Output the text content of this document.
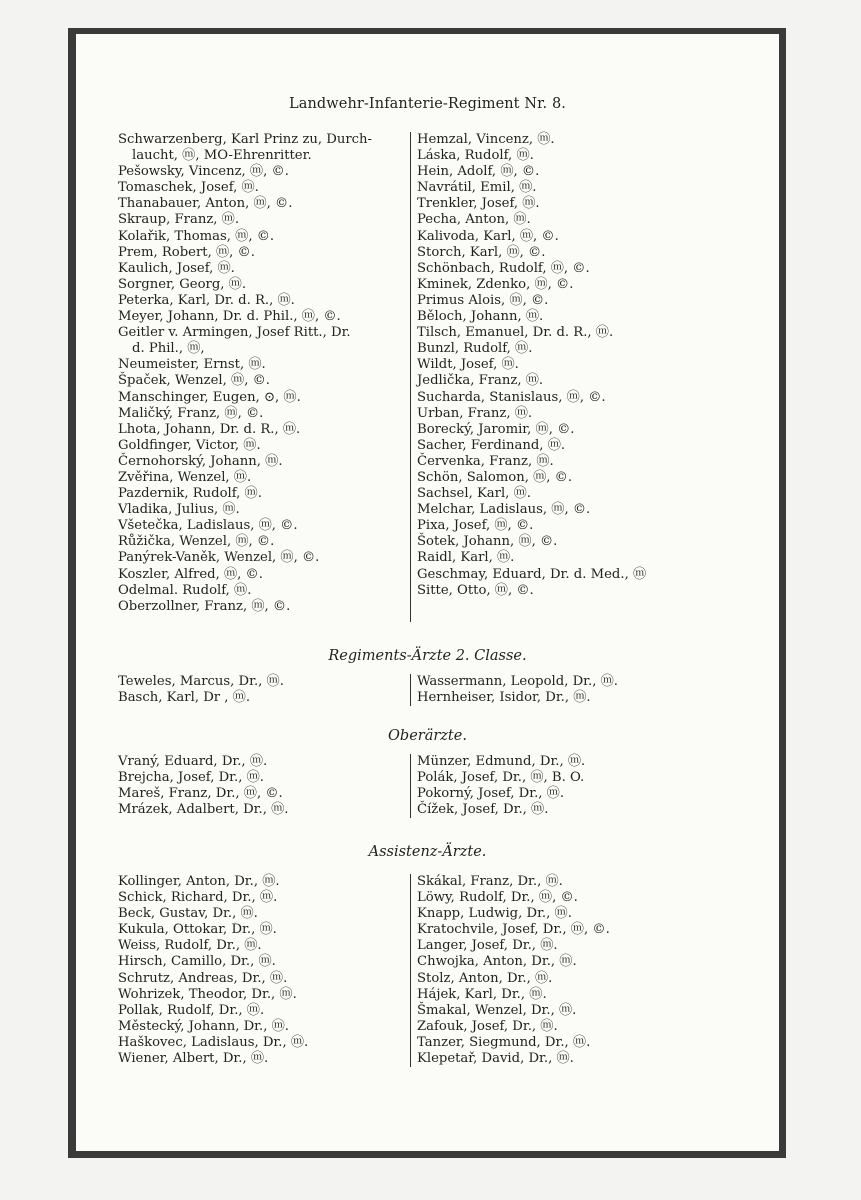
Landwehr-Infanterie-Regiment Nr. 8.
Schwarzenberg, Karl Prinz zu, Durch-
laucht, ⓜ, MO-Ehrenritter.
Pešowsky, Vincenz, ⓜ, ©.
Tomaschek, Josef, ⓜ.
Thanabauer, Anton, ⓜ, ©.
Skraup, Franz, ⓜ.
Kolařik, Thomas, ⓜ, ©.
Prem, Robert, ⓜ, ©.
Kaulich, Josef, ⓜ.
Sorgner, Georg, ⓜ.
Peterka, Karl, Dr. d. R., ⓜ.
Meyer, Johann, Dr. d. Phil., ⓜ, ©.
Geitler v. Armingen, Josef Ritt., Dr.
d. Phil., ⓜ,
Neumeister, Ernst, ⓜ.
Špaček, Wenzel, ⓜ, ©.
Manschinger, Eugen, ⊙, ⓜ.
Maličký, Franz, ⓜ, ©.
Lhota, Johann, Dr. d. R., ⓜ.
Goldfinger, Victor, ⓜ.
Černohorský, Johann, ⓜ.
Zvěřina, Wenzel, ⓜ.
Pazdernik, Rudolf, ⓜ.
Vladika, Julius, ⓜ.
Všetečka, Ladislaus, ⓜ, ©.
Růžička, Wenzel, ⓜ, ©.
Panýrek-Vaněk, Wenzel, ⓜ, ©.
Koszler, Alfred, ⓜ, ©.
Odelmal. Rudolf, ⓜ.
Oberzollner, Franz, ⓜ, ©.
Hemzal, Vincenz, ⓜ.
Láska, Rudolf, ⓜ.
Hein, Adolf, ⓜ, ©.
Navrátil, Emil, ⓜ.
Trenkler, Josef, ⓜ.
Pecha, Anton, ⓜ.
Kalivoda, Karl, ⓜ, ©.
Storch, Karl, ⓜ, ©.
Schönbach, Rudolf, ⓜ, ©.
Kminek, Zdenko, ⓜ, ©.
Primus Alois, ⓜ, ©.
Běloch, Johann, ⓜ.
Tilsch, Emanuel, Dr. d. R., ⓜ.
Bunzl, Rudolf, ⓜ.
Wildt, Josef, ⓜ.
Jedlička, Franz, ⓜ.
Sucharda, Stanislaus, ⓜ, ©.
Urban, Franz, ⓜ.
Borecký, Jaromir, ⓜ, ©.
Sacher, Ferdinand, ⓜ.
Červenka, Franz, ⓜ.
Schön, Salomon, ⓜ, ©.
Sachsel, Karl, ⓜ.
Melchar, Ladislaus, ⓜ, ©.
Pixa, Josef, ⓜ, ©.
Šotek, Johann, ⓜ, ©.
Raidl, Karl, ⓜ.
Geschmay, Eduard, Dr. d. Med., ⓜ
Sitte, Otto, ⓜ, ©.
Regiments-Ärzte 2. Classe.
Teweles, Marcus, Dr., ⓜ.
Basch, Karl, Dr , ⓜ.
Wassermann, Leopold, Dr., ⓜ.
Hernheiser, Isidor, Dr., ⓜ.
Oberärzte.
Vraný, Eduard, Dr., ⓜ.
Brejcha, Josef, Dr., ⓜ.
Mareš, Franz, Dr., ⓜ, ©.
Mrázek, Adalbert, Dr., ⓜ.
Münzer, Edmund, Dr., ⓜ.
Polák, Josef, Dr., ⓜ, B. O.
Pokorný, Josef, Dr., ⓜ.
Čížek, Josef, Dr., ⓜ.
Assistenz-Ärzte.
Kollinger, Anton, Dr., ⓜ.
Schick, Richard, Dr., ⓜ.
Beck, Gustav, Dr., ⓜ.
Kukula, Ottokar, Dr., ⓜ.
Weiss, Rudolf, Dr., ⓜ.
Hirsch, Camillo, Dr., ⓜ.
Schrutz, Andreas, Dr., ⓜ.
Wohrizek, Theodor, Dr., ⓜ.
Pollak, Rudolf, Dr., ⓜ.
Městecký, Johann, Dr., ⓜ.
Haškovec, Ladislaus, Dr., ⓜ.
Wiener, Albert, Dr., ⓜ.
Skákal, Franz, Dr., ⓜ.
Löwy, Rudolf, Dr., ⓜ, ©.
Knapp, Ludwig, Dr., ⓜ.
Kratochvile, Josef, Dr., ⓜ, ©.
Langer, Josef, Dr., ⓜ.
Chwojka, Anton, Dr., ⓜ.
Stolz, Anton, Dr., ⓜ.
Hájek, Karl, Dr., ⓜ.
Šmakal, Wenzel, Dr., ⓜ.
Zafouk, Josef, Dr., ⓜ.
Tanzer, Siegmund, Dr., ⓜ.
Klepetař, David, Dr., ⓜ.
